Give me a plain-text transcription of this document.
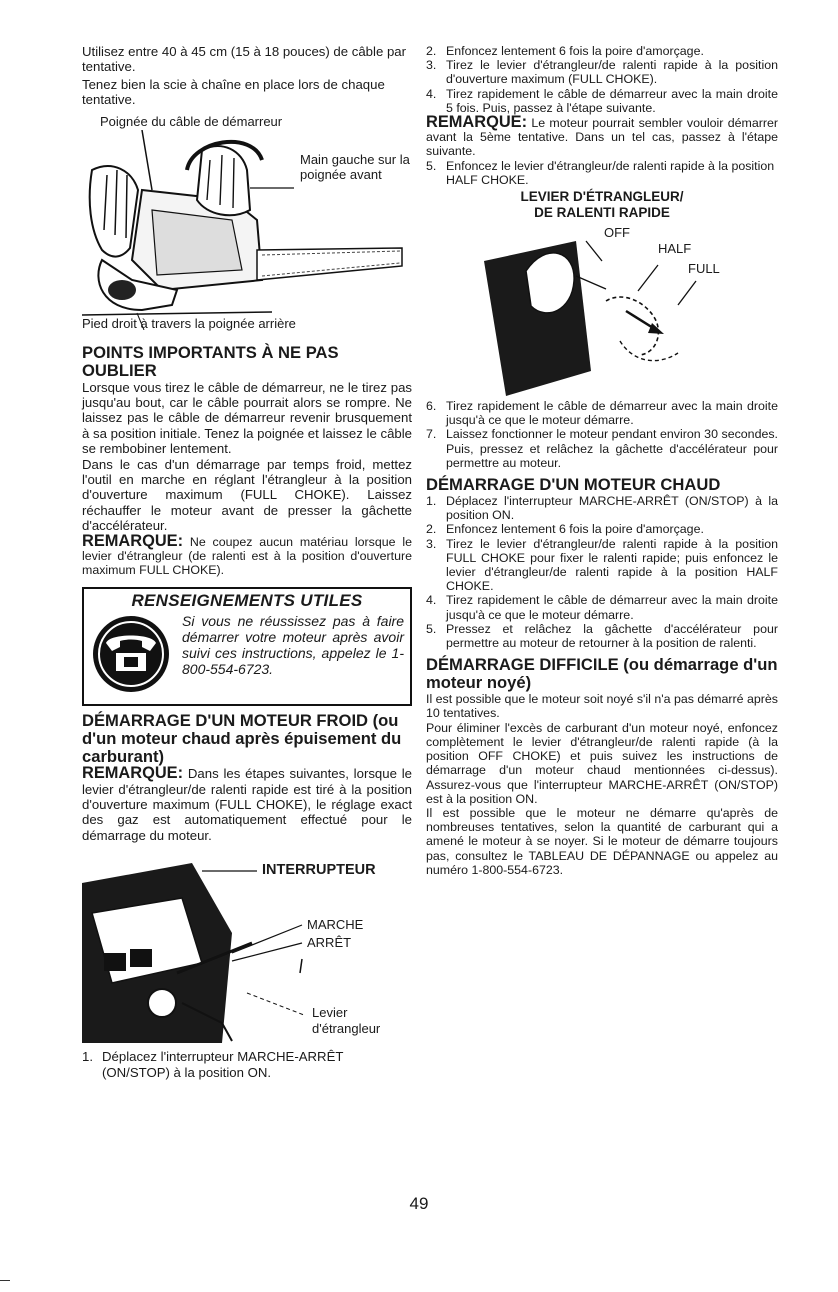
Utilisez entre 40 à 45 cm (15 à 18 pouces) de câble par tentative.

Tenez bien la scie à chaîne en place lors de chaque tentative.

Poignée du câble de démarreur
Main gauche sur la poignée avant
Pied droit à travers la poignée arrière
POINTS IMPORTANTS À NE PAS OUBLIER

Lorsque vous tirez le câble de démarreur, ne le tirez pas jusqu'au bout, car le câble pourrait alors se rompre. Ne laissez pas le câble de démarreur revenir brusquement à sa position initiale. Tenez la poignée et laissez le câble se rembobiner lentement.

Dans le cas d'un démarrage par temps froid, mettez l'outil en marche en réglant l'étrangleur à la position d'ouverture maximum (FULL CHOKE). Laissez réchauffer le moteur avant de presser la gâchette d'accélérateur.

REMARQUE: Ne coupez aucun matériau lorsque le levier d'étrangleur (de ralenti est à la position d'ouverture maximum FULL CHOKE).

RENSEIGNEMENTS UTILES
Si vous ne réussissez pas à faire démarrer votre moteur après avoir suivi ces instructions, appelez le 1-800-554-6723.
DÉMARRAGE D'UN MOTEUR FROID (ou d'un moteur chaud après épuisement du carburant)

REMARQUE: Dans les étapes suivantes, lorsque le levier d'étrangleur/de ralenti rapide est tiré à la position d'ouverture maximum (FULL CHOKE), le réglage exact des gaz est automatiquement effectué pour le démarrage du moteur.

INTERRUPTEUR
MARCHE
ARRÊT
Levier
d'étrangleur
1. Déplacez l'interrupteur MARCHE-ARRÊT (ON/STOP) à la position ON.
2. Enfoncez lentement 6 fois la poire d'amorçage.
3. Tirez le levier d'étrangleur/de ralenti rapide à la position d'ouverture maximum (FULL CHOKE).
4. Tirez rapidement le câble de démarreur avec la main droite 5 fois. Puis, passez à l'étape suivante.

REMARQUE: Le moteur pourrait sembler vouloir démarrer avant la 5ème tentative. Dans un tel cas, passez à l'étape suivante.

5. Enfoncez le levier d'étrangleur/de ralenti rapide à la position HALF CHOKE.
LEVIER D'ÉTRANGLEUR/
DE RALENTI RAPIDE
OFF
HALF
FULL
6. Tirez rapidement le câble de démarreur avec la main droite jusqu'à ce que le moteur démarre.
7. Laissez fonctionner le moteur pendant environ 30 secondes. Puis, pressez et relâchez la gâchette d'accélérateur pour permettre au moteur.
DÉMARRAGE D'UN MOTEUR CHAUD
1. Déplacez l'interrupteur MARCHE-ARRÊT (ON/STOP) à la position ON.
2. Enfoncez lentement 6 fois la poire d'amorçage.
3. Tirez le levier d'étrangleur/de ralenti rapide à la position FULL CHOKE pour fixer le ralenti rapide; puis enfoncez le levier d'étrangleur/de ralenti rapide à la position HALF CHOKE.
4. Tirez rapidement le câble de démarreur avec la main droite jusqu'à ce que le moteur démarre.
5. Pressez et relâchez la gâchette d'accélérateur pour permettre au moteur de retourner à la position de ralenti.
DÉMARRAGE DIFFICILE (ou démarrage d'un moteur noyé)

Il est possible que le moteur soit noyé s'il n'a pas démarré après 10 tentatives.

Pour éliminer l'excès de carburant d'un moteur noyé, enfoncez complètement le levier d'étrangleur/de ralenti rapide (à la position OFF CHOKE) et puis suivez les instructions de démarrage d'un moteur chaud mentionnées ci-dessus). Assurez-vous que l'interrupteur MARCHE-ARRÊT (ON/STOP) est à la position ON.

Il est possible que le moteur ne démarre qu'après de nombreuses tentatives, selon la quantité de carburant qui a amené le moteur à se noyer. Si le moteur de démarre toujours pas, consultez le TABLEAU DE DÉPANNAGE ou appelez au numéro 1-800-554-6723.

49
